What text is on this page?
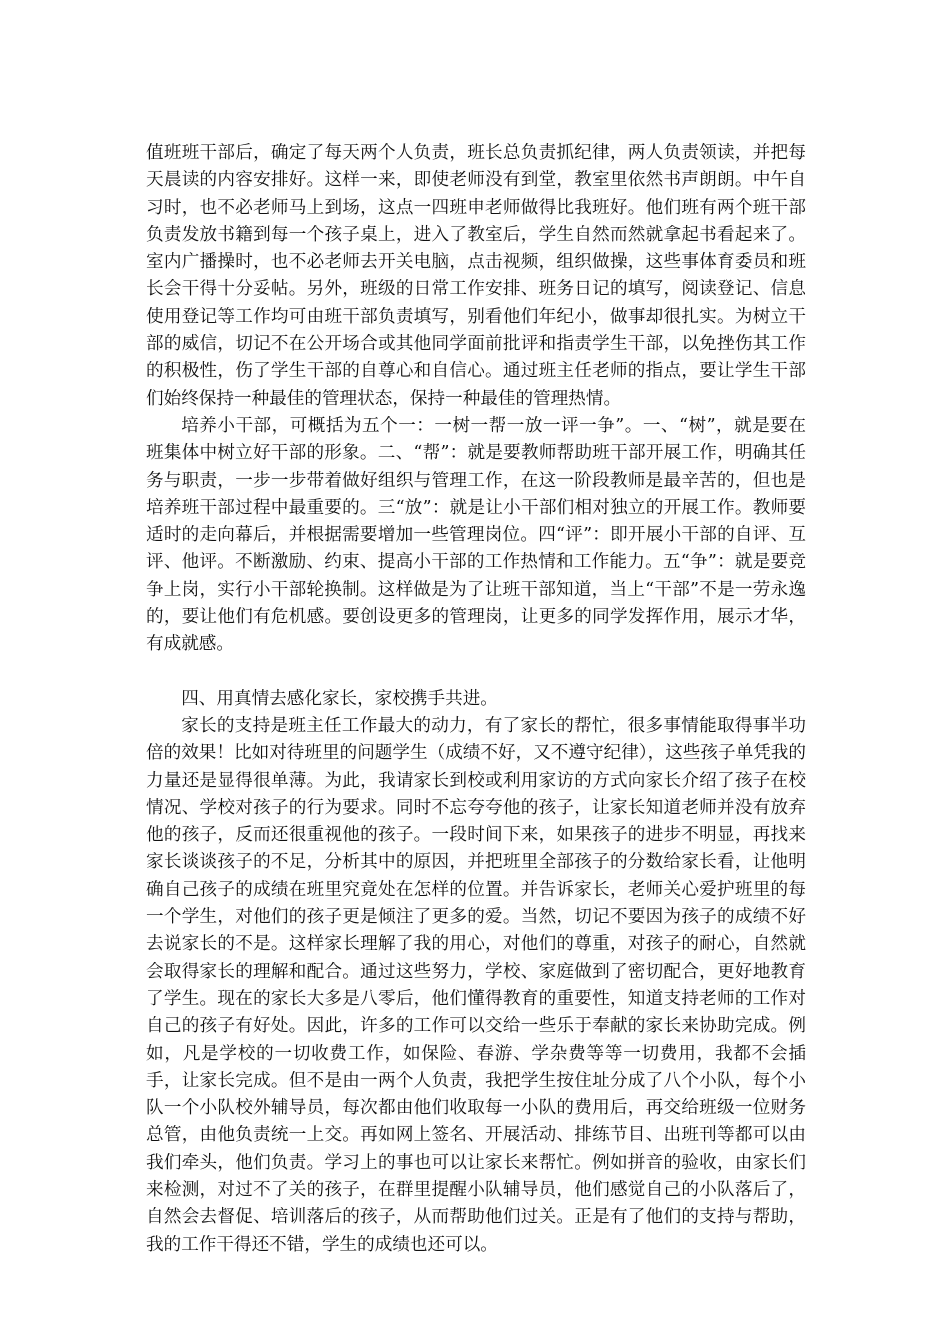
值班班干部后，确定了每天两个人负责，班长总负责抓纪律，两人负责领读，并把每天晨读的内容安排好。这样一来，即使老师没有到堂，教室里依然书声朗朗。中午自习时，也不必老师马上到场，这点一四班申老师做得比我班好。他们班有两个班干部负责发放书籍到每一个孩子桌上，进入了教室后，学生自然而然就拿起书看起来了。室内广播操时，也不必老师去开关电脑，点击视频，组织做操，这些事体育委员和班长会干得十分妥帖。另外，班级的日常工作安排、班务日记的填写，阅读登记、信息使用登记等工作均可由班干部负责填写，别看他们年纪小，做事却很扎实。为树立干部的威信，切记不在公开场合或其他同学面前批评和指责学生干部，以免挫伤其工作的积极性，伤了学生干部的自尊心和自信心。通过班主任老师的指点，要让学生干部们始终保持一种最佳的管理状态，保持一种最佳的管理热情。

培养小干部，可概括为五个一：一树一帮一放一评一争”。一、“树”，就是要在班集体中树立好干部的形象。二、“帮”：就是要教师帮助班干部开展工作，明确其任务与职责，一步一步带着做好组织与管理工作，在这一阶段教师是最辛苦的，但也是培养班干部过程中最重要的。三“放”：就是让小干部们相对独立的开展工作。教师要适时的走向幕后，并根据需要增加一些管理岗位。四“评”：即开展小干部的自评、互评、他评。不断激励、约束、提高小干部的工作热情和工作能力。五“争”：就是要竞争上岗，实行小干部轮换制。这样做是为了让班干部知道，当上“干部”不是一劳永逸的，要让他们有危机感。要创设更多的管理岗，让更多的同学发挥作用，展示才华，有成就感。

四、用真情去感化家长，家校携手共进。

家长的支持是班主任工作最大的动力，有了家长的帮忙，很多事情能取得事半功倍的效果！比如对待班里的问题学生（成绩不好，又不遵守纪律），这些孩子单凭我的力量还是显得很单薄。为此，我请家长到校或利用家访的方式向家长介绍了孩子在校情况、学校对孩子的行为要求。同时不忘夸夸他的孩子，让家长知道老师并没有放弃他的孩子，反而还很重视他的孩子。一段时间下来，如果孩子的进步不明显，再找来家长谈谈孩子的不足，分析其中的原因，并把班里全部孩子的分数给家长看，让他明确自己孩子的成绩在班里究竟处在怎样的位置。并告诉家长，老师关心爱护班里的每一个学生，对他们的孩子更是倾注了更多的爱。当然，切记不要因为孩子的成绩不好去说家长的不是。这样家长理解了我的用心，对他们的尊重，对孩子的耐心，自然就会取得家长的理解和配合。通过这些努力，学校、家庭做到了密切配合，更好地教育了学生。现在的家长大多是八零后，他们懂得教育的重要性，知道支持老师的工作对自己的孩子有好处。因此，许多的工作可以交给一些乐于奉献的家长来协助完成。例如，凡是学校的一切收费工作，如保险、春游、学杂费等等一切费用，我都不会插手，让家长完成。但不是由一两个人负责，我把学生按住址分成了八个小队，每个小队一个小队校外辅导员，每次都由他们收取每一小队的费用后，再交给班级一位财务总管，由他负责统一上交。再如网上签名、开展活动、排练节目、出班刊等都可以由我们牵头，他们负责。学习上的事也可以让家长来帮忙。例如拼音的验收，由家长们来检测，对过不了关的孩子，在群里提醒小队辅导员，他们感觉自己的小队落后了，自然会去督促、培训落后的孩子，从而帮助他们过关。正是有了他们的支持与帮助，我的工作干得还不错，学生的成绩也还可以。
